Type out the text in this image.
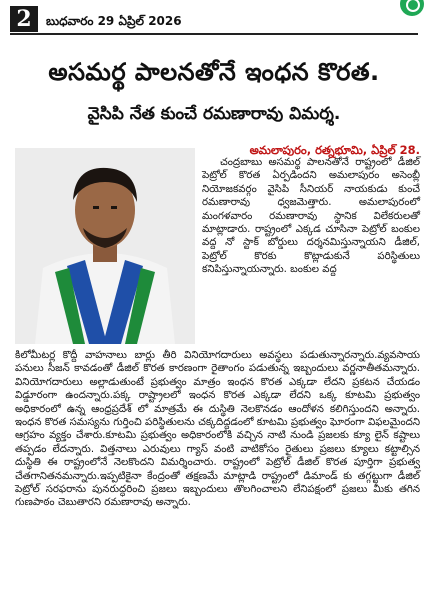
2	బుధవారం 29 ఏప్రిల్ 2026
అసమర్థ పాలనతోనే ఇంధన కొరత.
వైసిపి నేత కుంచే రమణారావు విమర్శ.
అమలాపురం, రత్నభూమి, ఏప్రిల్ 28.

చంద్రబాబు అసమర్థ పాలనతోనే రాష్ట్రంలో డీజిల్ పెట్రోల్ కొరత ఏర్పడిందని అమలాపురం అసెంబ్లీ నియోజకవర్గం వైసిపి సీనియర్ నాయకుడు కుంచే రమణారావు ధ్వజమెత్తారు. అమలాపురంలో మంగళవారం రమణారావు స్థానిక విలేకరులతో మాట్లాడారు. రాష్ట్రంలో ఎక్కడ చూసినా పెట్రోల్ బంకుల వద్ద నో స్టాక్ బోర్డులు దర్శనమిస్తున్నాయని డీజిల్, పెట్రోల్ కొరకు కొట్లాడుకునే పరిస్థితులు కనిపిస్తున్నాయన్నారు. బంకుల వద్ద

కిలోమీటర్ల కొద్దీ వాహనాలు బార్లు తీరి వినియోగదారులు అవస్థలు పడుతున్నారన్నారు.వ్యవసాయ పనులు సీజన్ కావడంతో డీజిల్ కొరత కారణంగా రైతాంగం పడుతున్న ఇబ్బందులు వర్ణనాతీతమన్నారు. వినియోగదారులు అల్లాడుతుంటే ప్రభుత్వం మాత్రం ఇంధన కొరత ఎక్కడా లేదని ప్రకటన చేయడం విడ్డూరంగా ఉందన్నారు.పక్క రాష్ట్రాలలో ఇంధన కొరత ఎక్కడా లేదని ఒక్క కూటమి ప్రభుత్వం అధికారంలో ఉన్న ఆంధ్రప్రదేశ్ లో మాత్రమే ఈ దుస్థితి నెలకొనడం ఆందోళన కలిగిస్తుందని అన్నారు. ఇంధన కొరత సమస్యను గుర్తించి పరిస్థితులను చక్కదిద్దడంలో కూటమి ప్రభుత్వం ఘోరంగా విఫలమైందని ఆగ్రహం వ్యక్తం చేశారు.కూటమి ప్రభుత్వం అధికారంలోకి వచ్చిన నాటి నుండి ప్రజలకు క్యూ లైన్ కష్టాలు తప్పడం లేదన్నారు. విత్తనాలు ఎరువులు గ్యాస్ వంటి వాటికోసం రైతులు ప్రజలు క్యూలు కట్టాల్సిన దుస్థితి ఈ రాష్ట్రంలోనే నెలకొందని విమర్శించారు. రాష్ట్రంలో పెట్రోల్ డీజిల్ కొరత పూర్తిగా ప్రభుత్వ చేతగానితనమన్నారు.ఇప్పటికైనా కేంద్రంతో తక్షణమే మాట్లాడి రాష్ట్రంలో డిమాండ్ కు తగ్గట్టుగా డీజిల్ పెట్రోల్ సరఫరాను పునరుద్ధరించి ప్రజలు ఇబ్బందులు తొలగించాలని లేనిపక్షంలో ప్రజలు మీకు తగిన గుణపాఠం చెబుతారని రమణారావు అన్నారు.
